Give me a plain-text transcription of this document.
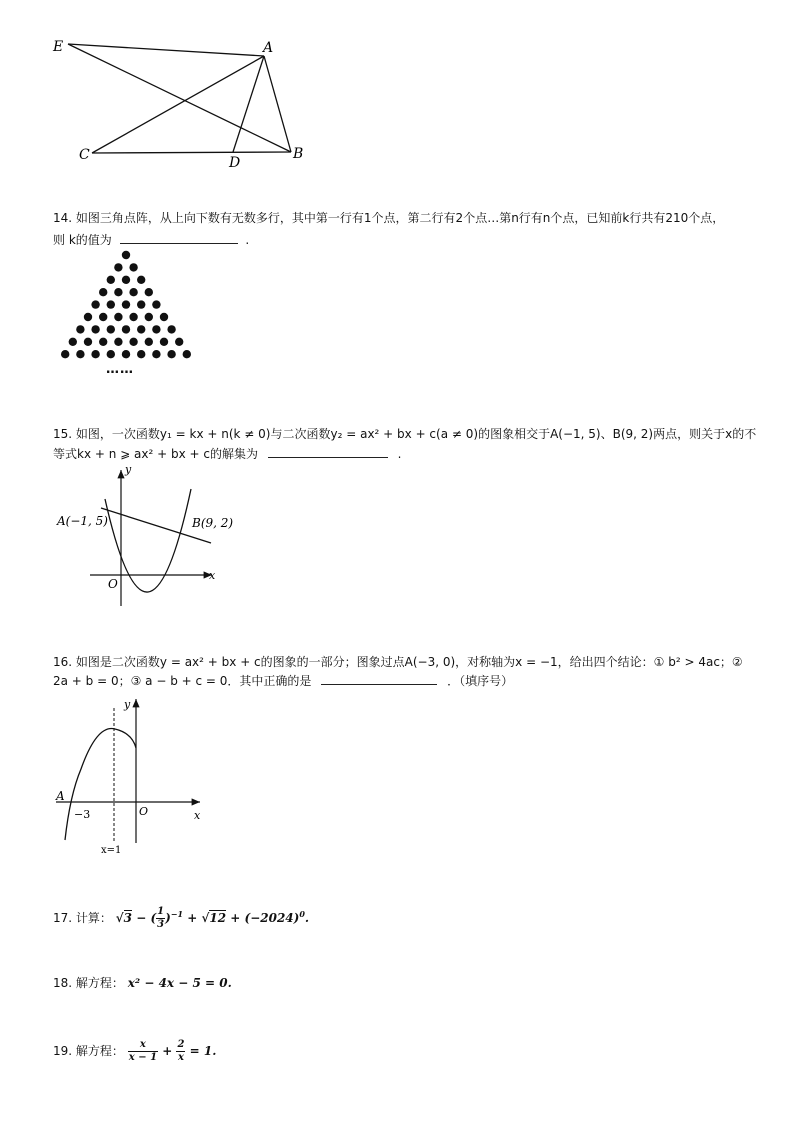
E	A
C	D
B
14. 如图三角点阵，从上向下数有无数多行，其中第一行有1个点，第二行有2个点…第n行有n个点，已知前k行共有210个点，
则 k的值为	.
……
15. 如图，一次函数y₁ = kx + n(k ≠ 0)与二次函数y₂ = ax² + bx + c(a ≠ 0)的图象相交于A(−1, 5)、B(9, 2)两点，则关于x的不
等式kx + n ⩾ ax² + bx + c的解集为	.
y
x
O
A(−1, 5)	B(9, 2)
16. 如图是二次函数y = ax² + bx + c的图象的一部分；图象过点A(−3, 0)，对称轴为x = −1，给出四个结论：① b² > 4ac；②
2a + b = 0；③ a − b + c = 0．其中正确的是	．（填序号）
y
x
O
A
−3
x=1
17. 计算： √3 − ( $\frac{1}{3} )^{-1} + √12 + (-2024)^0$.
18. 解方程： x² − 4x − 5 = 0.
19. 解方程： $\frac{x}{x - 1} + \frac{2}{x} = 1$.
